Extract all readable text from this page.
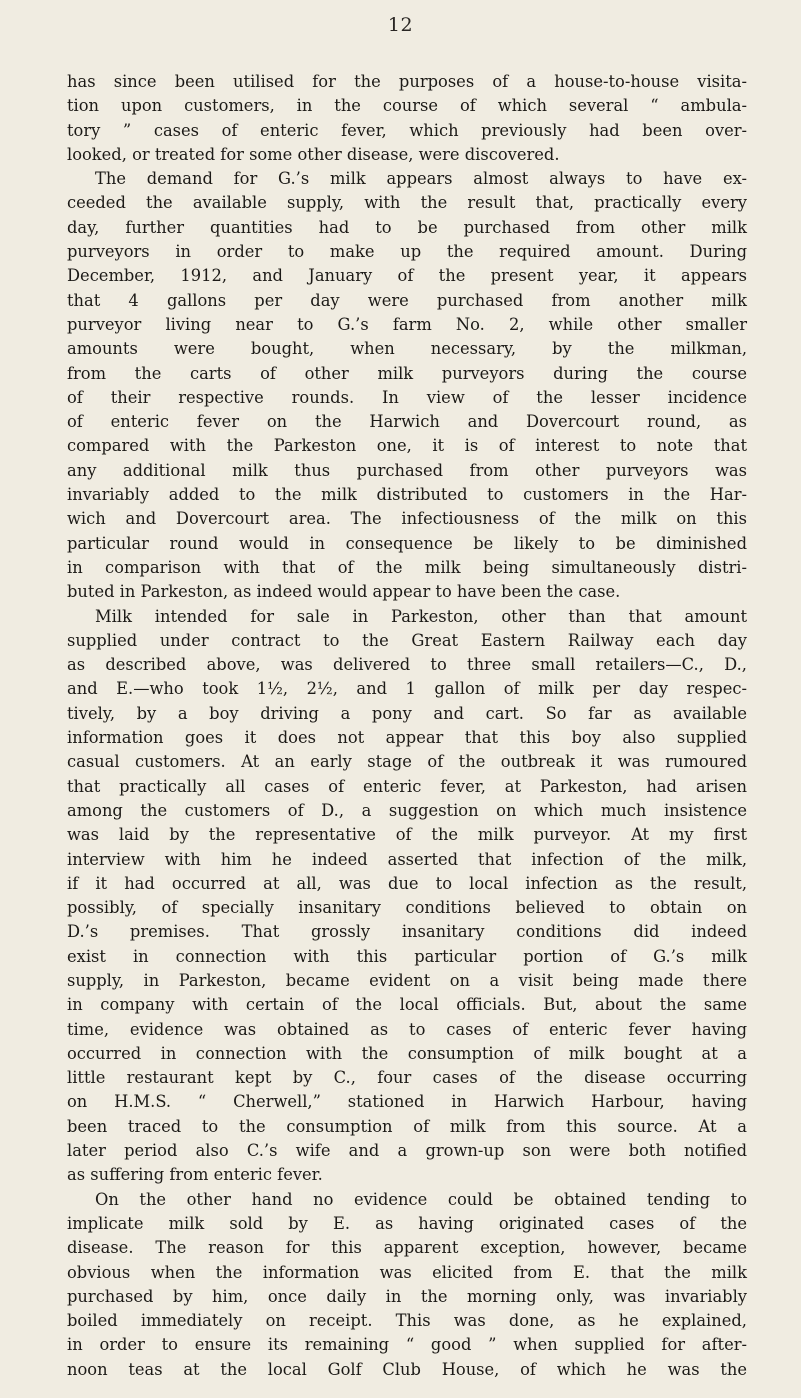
12
has since been utilised for the purposes of a house-to-house visita-
tion upon customers, in the course of which several “ ambula-
tory ” cases of enteric fever, which previously had been over-
looked, or treated for some other disease, were discovered.
The demand for G.’s milk appears almost always to have ex-
ceeded the available supply, with the result that, practically every
day, further quantities had to be purchased from other milk
purveyors in order to make up the required amount. During
December, 1912, and January of the present year, it appears
that 4 gallons per day were purchased from another milk
purveyor living near to G.’s farm No. 2, while other smaller
amounts were bought, when necessary, by the milkman,
from the carts of other milk purveyors during the course
of their respective rounds. In view of the lesser incidence
of enteric fever on the Harwich and Dovercourt round, as
compared with the Parkeston one, it is of interest to note that
any additional milk thus purchased from other purveyors was
invariably added to the milk distributed to customers in the Har-
wich and Dovercourt area. The infectiousness of the milk on this
particular round would in consequence be likely to be diminished
in comparison with that of the milk being simultaneously distri-
buted in Parkeston, as indeed would appear to have been the case.
Milk intended for sale in Parkeston, other than that amount
supplied under contract to the Great Eastern Railway each day
as described above, was delivered to three small retailers—C., D.,
and E.—who took 1½, 2½, and 1 gallon of milk per day respec-
tively, by a boy driving a pony and cart. So far as available
information goes it does not appear that this boy also supplied
casual customers. At an early stage of the outbreak it was rumoured
that practically all cases of enteric fever, at Parkeston, had arisen
among the customers of D., a suggestion on which much insistence
was laid by the representative of the milk purveyor. At my first
interview with him he indeed asserted that infection of the milk,
if it had occurred at all, was due to local infection as the result,
possibly, of specially insanitary conditions believed to obtain on
D.’s premises. That grossly insanitary conditions did indeed
exist in connection with this particular portion of G.’s milk
supply, in Parkeston, became evident on a visit being made there
in company with certain of the local officials. But, about the same
time, evidence was obtained as to cases of enteric fever having
occurred in connection with the consumption of milk bought at a
little restaurant kept by C., four cases of the disease occurring
on H.M.S. “ Cherwell,” stationed in Harwich Harbour, having
been traced to the consumption of milk from this source. At a
later period also C.’s wife and a grown-up son were both notified
as suffering from enteric fever.
On the other hand no evidence could be obtained tending to
implicate milk sold by E. as having originated cases of the
disease. The reason for this apparent exception, however, became
obvious when the information was elicited from E. that the milk
purchased by him, once daily in the morning only, was invariably
boiled immediately on receipt. This was done, as he explained,
in order to ensure its remaining “ good ” when supplied for after-
noon teas at the local Golf Club House, of which he was the
